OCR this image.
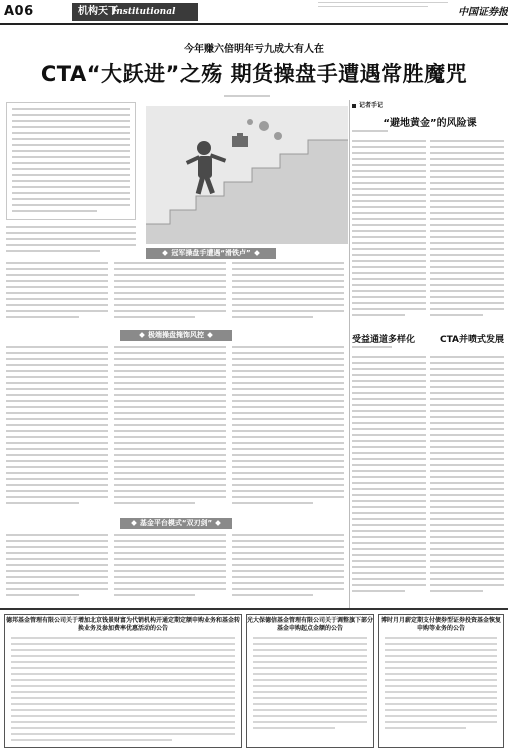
A06	机构天下
Institutional Investors
中国证券报
今年赚六倍明年亏九成大有人在
CTA“大跃进”之殇 期货操盘手遭遇常胜魔咒
冠军操盘手遭遇“滑铁卢”
极端操盘掩饰风控
基金平台模式“双刃剑”
记者手记
“避地黄金”的风险课
受益通道多样化	CTA并喷式发展
德邦基金管理有限公司关于增加北京钱景财富为代销机构开通定期定额申购业务和基金转换业务及参加费率优惠活动的公告
光大保德信基金管理有限公司关于调整旗下部分基金申购起点金额的公告
博时月月薪定期支付债券型证券投资基金恢复申购等业务的公告
